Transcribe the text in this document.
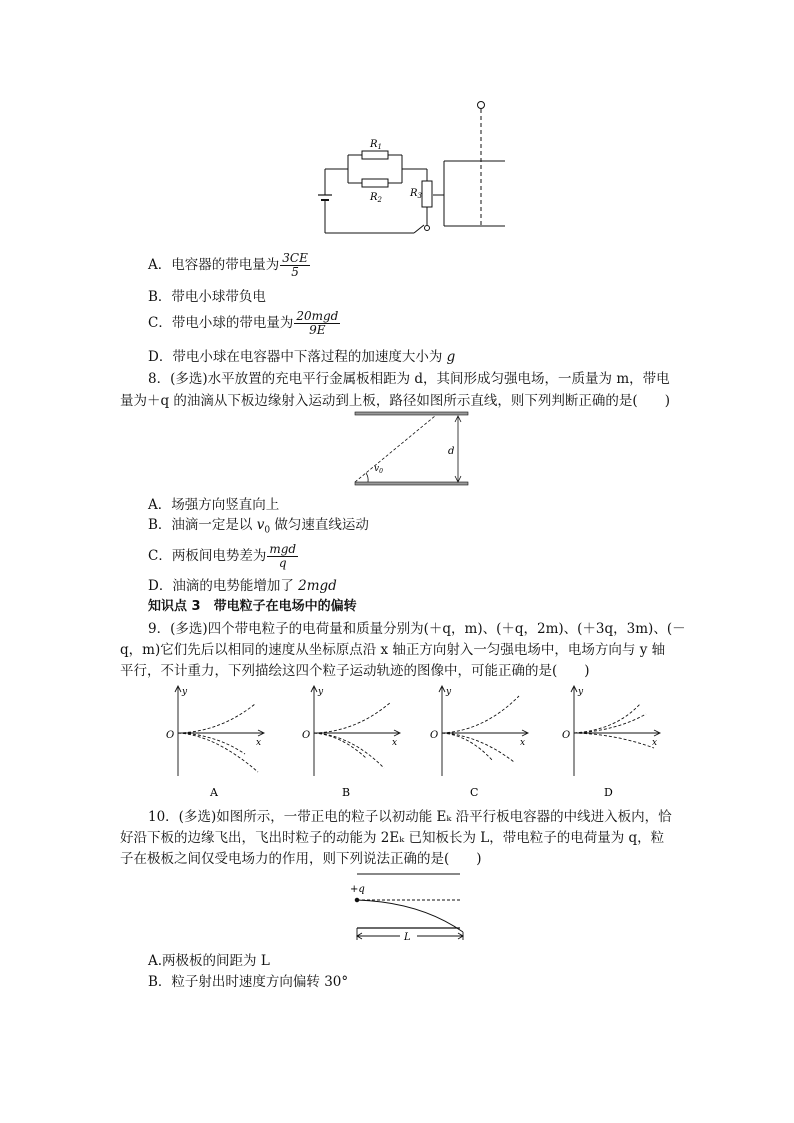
$R_1$
$R_2$
$R_3$
A．电容器的带电量为 $\frac{3CE}{5}$
B．带电小球带负电
C．带电小球的带电量为 $\frac{\text{20mgd}}{9E}$
D．带电小球在电容器中下落过程的加速度大小为 g
8．(多选)水平放置的充电平行金属板相距为 d，其间形成匀强电场，一质量为 m，带电
量为＋q 的油滴从下板边缘射入运动到上板，路径如图所示直线，则下列判断正确的是(　　)
d
$v_0$
A．场强方向竖直向上
B．油滴一定是以 $v_0$ 做匀速直线运动
C．两板间电势差为 $\frac{\text{mgd}}{q}$
D．油滴的电势能增加了 2mgd
知识点 3　带电粒子在电场中的偏转
9．(多选)四个带电粒子的电荷量和质量分别为(＋q，m)、(＋q，2m)、(＋3q，3m)、(－
q，m)它们先后以相同的速度从坐标原点沿 x 轴正方向射入一匀强电场中，电场方向与 y 轴
平行，不计重力，下列描绘这四个粒子运动轨迹的图像中，可能正确的是(　　)
y
O
x
A
y
O
x
B
y
O
x
C
y
O
x
D
10．(多选)如图所示，一带正电的粒子以初动能 Eₖ 沿平行板电容器的中线进入板内，恰
好沿下板的边缘飞出，飞出时粒子的动能为 2Eₖ 已知板长为 L，带电粒子的电荷量为 q，粒
子在极板之间仅受电场力的作用，则下列说法正确的是(　　)
+q
L
A.两极板的间距为 L
B．粒子射出时速度方向偏转 30°
